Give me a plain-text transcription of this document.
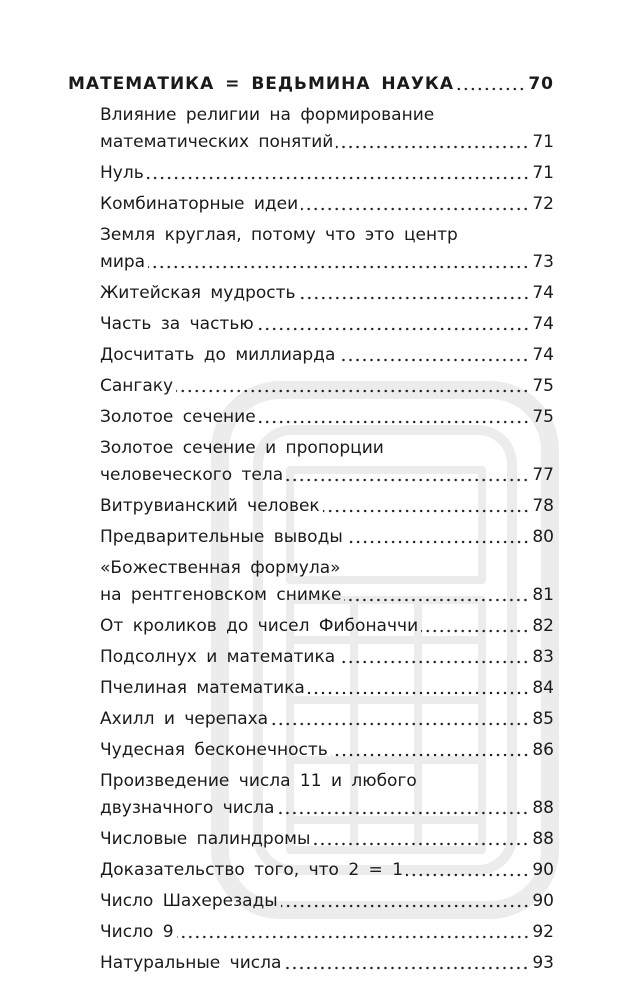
МАТЕМАТИКА = ВЕДЬМИНА НАУКА	70
Влияние религии на формирование
математических понятий	71
Нуль	71
Комбинаторные идеи	72
Земля круглая, потому что это центр
мира	73
Житейская мудрость	74
Часть за частью	74
Досчитать до миллиарда	74
Сангаку	75
Золотое сечение	75
Золотое сечение и пропорции
человеческого тела	77
Витрувианский человек	78
Предварительные выводы	80
«Божественная формула»
на рентгеновском снимке	81
От кроликов до чисел Фибоначчи	82
Подсолнух и математика	83
Пчелиная математика	84
Ахилл и черепаха	85
Чудесная бесконечность	86
Произведение числа 11 и любого
двузначного числа	88
Числовые палиндромы	88
Доказательство того, что 2 = 1	90
Число Шахерезады	90
Число 9	92
Натуральные числа	93
